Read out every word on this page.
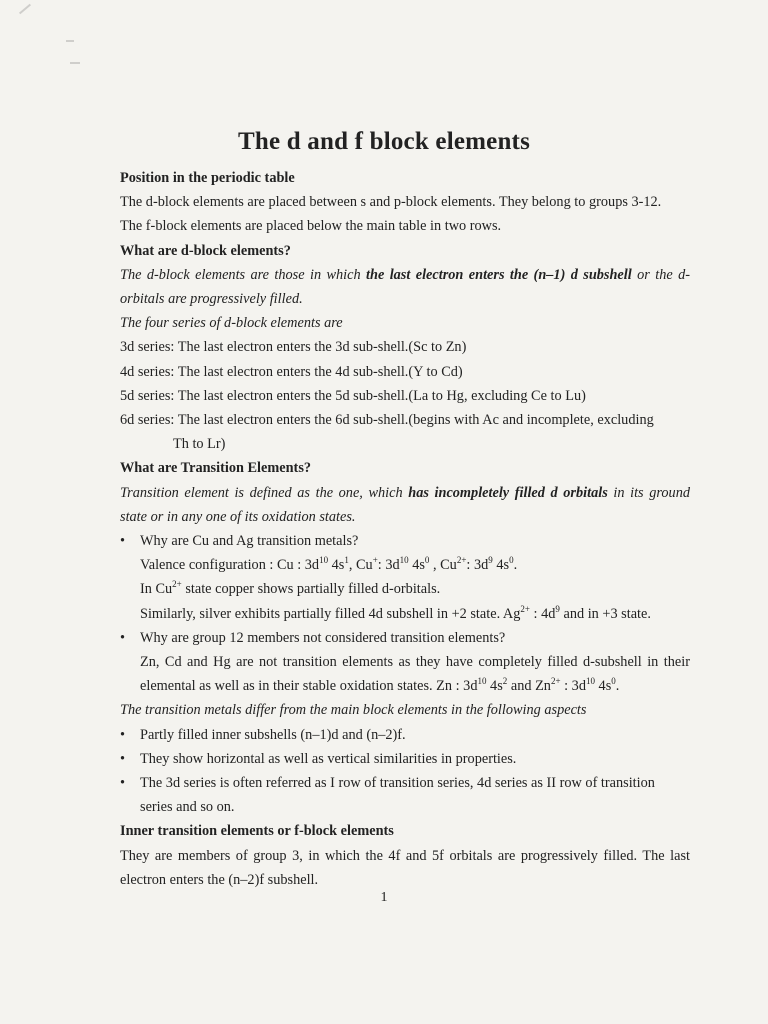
The d and f block elements

Position in the periodic table

The d-block elements are placed between s and p-block elements. They belong to groups 3-12.

The f-block elements are placed below the main table in two rows.

What are d-block elements?

The d-block elements are those in which the last electron enters the (n–1) d subshell or the d-orbitals are progressively filled.

The four series of d-block elements are

3d series: The last electron enters the 3d sub-shell.(Sc to Zn)

4d series: The last electron enters the 4d sub-shell.(Y to Cd)

5d series: The last electron enters the 5d sub-shell.(La to Hg, excluding Ce to Lu)

6d series: The last electron enters the 6d sub-shell.(begins with Ac and incomplete, excluding

Th to Lr)

What are Transition Elements?

Transition element is defined as the one, which has incompletely filled d orbitals in its ground state or in any one of its oxidation states.

• Why are Cu and Ag transition metals?

Valence configuration : Cu : $3d^{10}$ $4s^1$, Cu+: $3d^{10}$ $4s^0$ , $Cu^{2+}$: $3d^9$ $4s^0$.

In $Cu^{2+}$ state copper shows partially filled d-orbitals.

Similarly, silver exhibits partially filled 4d subshell in +2 state. $Ag^{2+}$ : $4d^9$ and in +3 state.

• Why are group 12 members not considered transition elements?

Zn, Cd and Hg are not transition elements as they have completely filled d-subshell in their elemental as well as in their stable oxidation states. Zn : $3d^{10}$ $4s^2$ and $Zn^{2+}$ : $3d^{10}$ $4s^0$.

The transition metals differ from the main block elements in the following aspects

• Partly filled inner subshells (n–1)d and (n–2)f.

• They show horizontal as well as vertical similarities in properties.

• The 3d series is often referred as I row of transition series, 4d series as II row of transition series and so on.

Inner transition elements or f-block elements

They are members of group 3, in which the 4f and 5f orbitals are progressively filled. The last electron enters the (n–2)f subshell.

1
